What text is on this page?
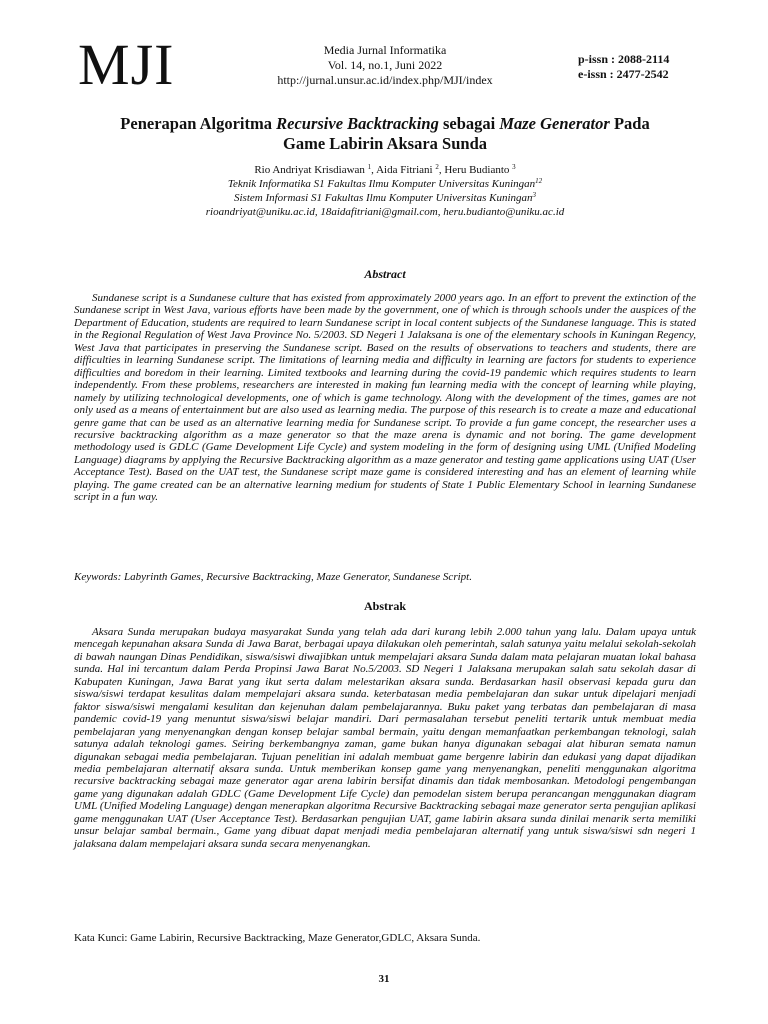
MJI	Media Jurnal Informatika
Vol. 14, no.1, Juni 2022
http://jurnal.unsur.ac.id/index.php/MJI/index
p-issn : 2088-2114
e-issn : 2477-2542
Penerapan Algoritma Recursive Backtracking sebagai Maze Generator Pada
Game Labirin Aksara Sunda
Rio Andriyat Krisdiawan $^1$, Aida Fitriani $^2$, Heru Budianto $^3$
Teknik Informatika S1 Fakultas Ilmu Komputer Universitas Kuningan$^{12}$
Sistem Informasi S1 Fakultas Ilmu Komputer Universitas Kuningan$^3$
rioandriyat@uniku.ac.id, 18aidafitriani@gmail.com, heru.budianto@uniku.ac.id
Abstract
Sundanese script is a Sundanese culture that has existed from approximately 2000 years ago. In an effort to prevent the extinction of the Sundanese script in West Java, various efforts have been made by the government, one of which is through schools under the auspices of the Department of Education, students are required to learn Sundanese script in local content subjects of the Sundanese language. This is stated in the Regional Regulation of West Java Province No. 5/2003. SD Negeri 1 Jalaksana is one of the elementary schools in Kuningan Regency, West Java that participates in preserving the Sundanese script. Based on the results of observations to teachers and students, there are difficulties in learning Sundanese script. The limitations of learning media and difficulty in learning are factors for students to experience difficulties and boredom in their learning. Limited textbooks and learning during the covid-19 pandemic which requires students to learn independently. From these problems, researchers are interested in making fun learning media with the concept of learning while playing, namely by utilizing technological developments, one of which is game technology. Along with the development of the times, games are not only used as a means of entertainment but are also used as learning media. The purpose of this research is to create a maze and educational genre game that can be used as an alternative learning media for Sundanese script. To provide a fun game concept, the researcher uses a recursive backtracking algorithm as a maze generator so that the maze arena is dynamic and not boring. The game development methodology used is GDLC (Game Development Life Cycle) and system modeling in the form of designing using UML (Unified Modeling Language) diagrams by applying the Recursive Backtracking algorithm as a maze generator and testing game applications using UAT (User Acceptance Test). Based on the UAT test, the Sundanese script maze game is considered interesting and has an element of learning while playing. The game created can be an alternative learning medium for students of State 1 Public Elementary School in learning Sundanese script in a fun way.
Keywords: Labyrinth Games, Recursive Backtracking, Maze Generator, Sundanese Script.
Abstrak
Aksara Sunda merupakan budaya masyarakat Sunda yang telah ada dari kurang lebih 2.000 tahun yang lalu. Dalam upaya untuk mencegah kepunahan aksara Sunda di Jawa Barat, berbagai upaya dilakukan oleh pemerintah, salah satunya yaitu melalui sekolah-sekolah di bawah naungan Dinas Pendidikan, siswa/siswi diwajibkan untuk mempelajari aksara Sunda dalam mata pelajaran muatan lokal bahasa sunda. Hal ini tercantum dalam Perda Propinsi Jawa Barat No.5/2003. SD Negeri 1 Jalaksana merupakan salah satu sekolah dasar di Kabupaten Kuningan, Jawa Barat yang ikut serta dalam melestarikan aksara sunda. Berdasarkan hasil observasi kepada guru dan siswa/siswi terdapat kesulitas dalam mempelajari aksara sunda. keterbatasan media pembelajaran dan sukar untuk dipelajari menjadi faktor siswa/siswi mengalami kesulitan dan kejenuhan dalam pembelajarannya. Buku paket yang terbatas dan pembelajaran di masa pandemic covid-19 yang menuntut siswa/siswi belajar mandiri. Dari permasalahan tersebut peneliti tertarik untuk membuat media pembelajaran yang menyenangkan dengan konsep belajar sambal bermain, yaitu dengan memanfaatkan perkembangan teknologi, salah satunya adalah teknologi games. Seiring berkembangnya zaman, game bukan hanya digunakan sebagai alat hiburan semata namun digunakan sebagai media pembelajaran. Tujuan penelitian ini adalah membuat game bergenre labirin dan edukasi yang dapat dijadikan media pembelajaran alternatif aksara sunda. Untuk memberikan konsep game yang menyenangkan, peneliti menggunakan algoritma recursive backtracking sebagai maze generator agar arena labirin bersifat dinamis dan tidak membosankan. Metodologi pengembangan game yang digunakan adalah GDLC (Game Development Life Cycle) dan pemodelan sistem berupa perancangan menggunakan diagram UML (Unified Modeling Language) dengan menerapkan algoritma Recursive Backtracking sebagai maze generator serta pengujian aplikasi game menggunakan UAT (User Acceptance Test). Berdasarkan pengujian UAT, game labirin aksara sunda dinilai menarik serta memiliki unsur belajar sambal bermain., Game yang dibuat dapat menjadi media pembelajaran alternatif yang untuk siswa/siswi sdn negeri 1 jalaksana dalam mempelajari aksara sunda secara menyenangkan.
Kata Kunci: Game Labirin, Recursive Backtracking, Maze Generator,GDLC, Aksara Sunda.
31
